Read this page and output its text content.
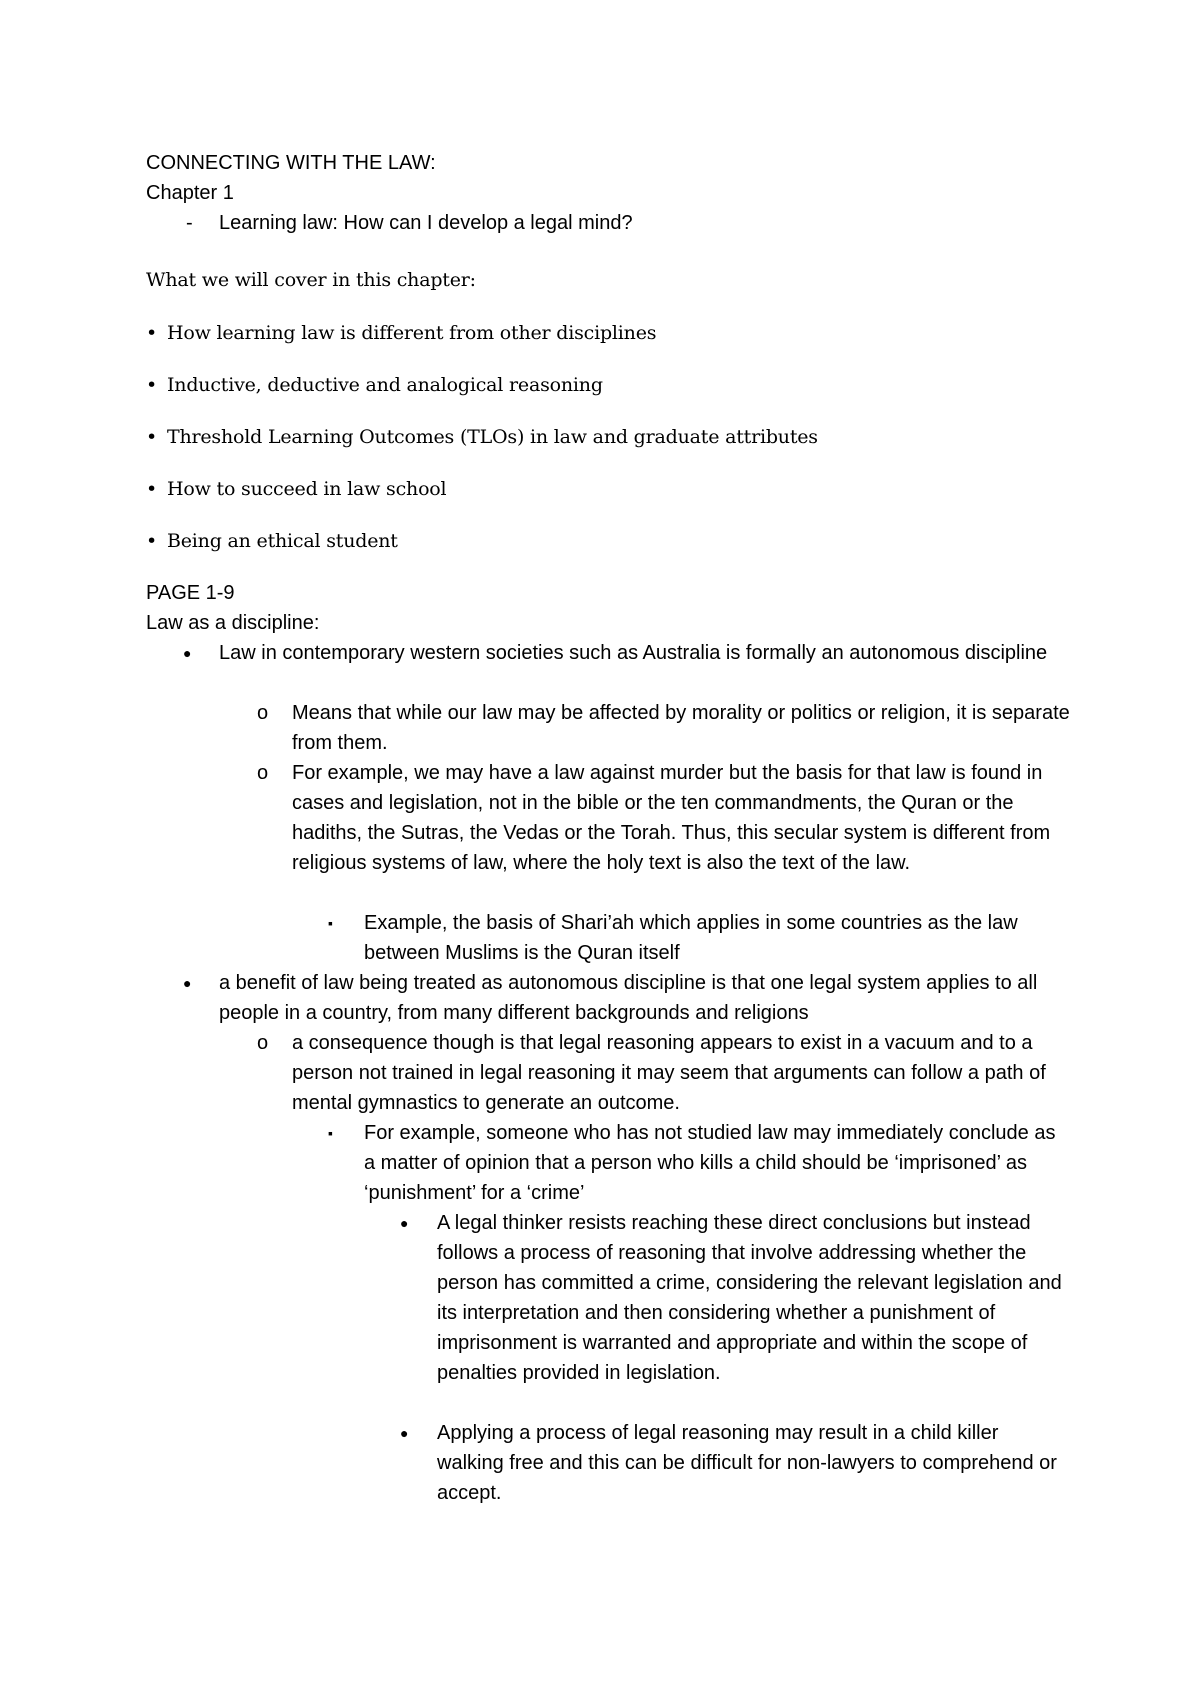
CONNECTING WITH THE LAW:
Chapter 1
- Learning law: How can I develop a legal mind?
What we will cover in this chapter:
• How learning law is different from other disciplines
• Inductive, deductive and analogical reasoning
• Threshold Learning Outcomes (TLOs) in law and graduate attributes
• How to succeed in law school
• Being an ethical student
PAGE 1-9
Law as a discipline:
● Law in contemporary western societies such as Australia is formally an autonomous discipline
o Means that while our law may be affected by morality or politics or religion, it is separate from them.
o For example, we may have a law against murder but the basis for that law is found in cases and legislation, not in the bible or the ten commandments, the Quran or the hadiths, the Sutras, the Vedas or the Torah. Thus, this secular system is different from religious systems of law, where the holy text is also the text of the law.
▪ Example, the basis of Shari’ah which applies in some countries as the law between Muslims is the Quran itself
● a benefit of law being treated as autonomous discipline is that one legal system applies to all people in a country, from many different backgrounds and religions
o a consequence though is that legal reasoning appears to exist in a vacuum and to a person not trained in legal reasoning it may seem that arguments can follow a path of mental gymnastics to generate an outcome.
▪ For example, someone who has not studied law may immediately conclude as a matter of opinion that a person who kills a child should be ‘imprisoned’ as ‘punishment’ for a ‘crime’
● A legal thinker resists reaching these direct conclusions but instead follows a process of reasoning that involve addressing whether the person has committed a crime, considering the relevant legislation and its interpretation and then considering whether a punishment of imprisonment is warranted and appropriate and within the scope of penalties provided in legislation.
● Applying a process of legal reasoning may result in a child killer walking free and this can be difficult for non-lawyers to comprehend or accept.
